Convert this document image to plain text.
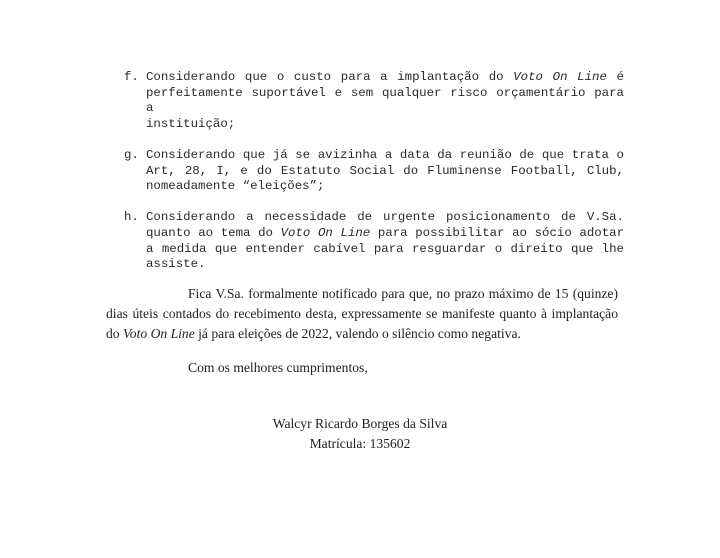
f. Considerando que o custo para a implantação do Voto On Line é
perfeitamente suportável e sem qualquer risco orçamentário para a
instituição;
g. Considerando que já se avizinha a data da reunião de que trata o
Art, 28, I, e do Estatuto Social do Fluminense Football, Club,
nomeadamente “eleições”;
h. Considerando a necessidade de urgente posicionamento de V.Sa.
quanto ao tema do Voto On Line para possibilitar ao sócio adotar
a medida que entender cabível para resguardar o direito que lhe
assiste.
Fica V.Sa. formalmente notificado para que, no prazo máximo de 15 (quinze)
dias úteis contados do recebimento desta, expressamente se manifeste quanto à implantação
do Voto On Line já para eleições de 2022, valendo o silêncio como negativa.
Com os melhores cumprimentos,
Walcyr Ricardo Borges da Silva
Matrícula: 135602
